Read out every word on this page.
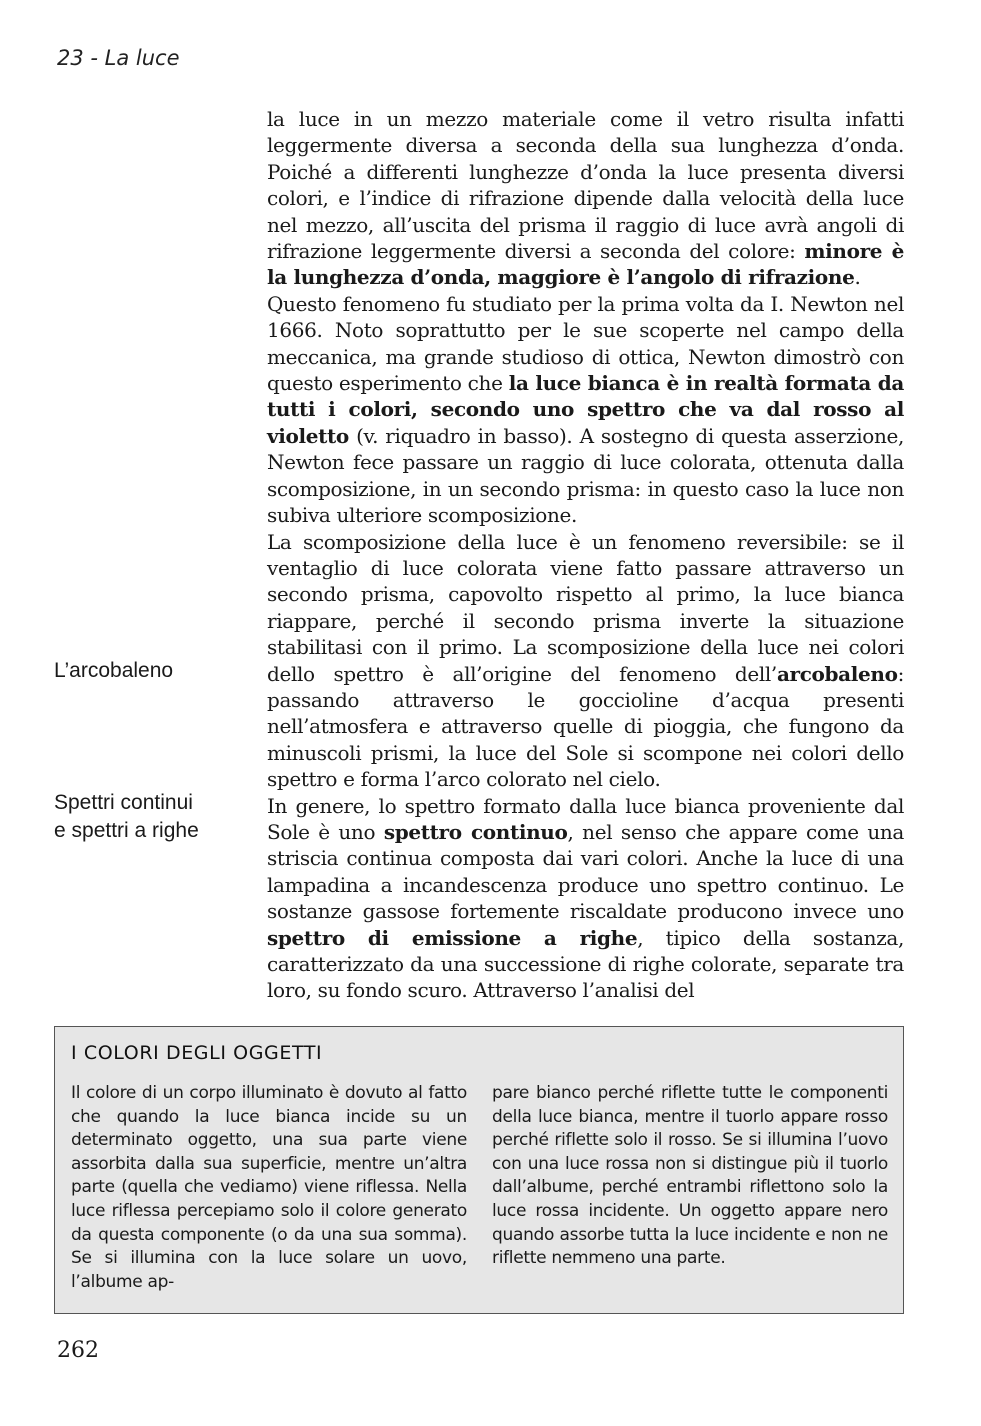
23 - La luce
L’arcobaleno
Spettri continui
e spettri a righe

la luce in un mezzo materiale come il vetro risulta infatti leggermente diversa a seconda della sua lunghezza d’onda. Poiché a differenti lunghezze d’onda la luce presenta diversi colori, e l’indice di rifrazione dipende dalla velocità della luce nel mezzo, all’uscita del prisma il raggio di luce avrà angoli di rifrazione leggermente diversi a seconda del colore: minore è la lunghezza d’onda, maggiore è l’angolo di rifrazione.

Questo fenomeno fu studiato per la prima volta da I. Newton nel 1666. Noto soprattutto per le sue scoperte nel campo della meccanica, ma grande studioso di ottica, Newton dimostrò con questo esperimento che la luce bianca è in realtà formata da tutti i colori, secondo uno spettro che va dal rosso al violetto (v. riquadro in basso). A sostegno di questa asserzione, Newton fece passare un raggio di luce colorata, ottenuta dalla scomposizione, in un secondo prisma: in questo caso la luce non subiva ulteriore scomposizione.

La scomposizione della luce è un fenomeno reversibile: se il ventaglio di luce colorata viene fatto passare attraverso un secondo prisma, capovolto rispetto al primo, la luce bianca riappare, perché il secondo prisma inverte la situazione stabilitasi con il primo. La scomposizione della luce nei colori dello spettro è all’origine del fenomeno dell’arcobaleno: passando attraverso le goccioline d’acqua presenti nell’atmosfera e attraverso quelle di pioggia, che fungono da minuscoli prismi, la luce del Sole si scompone nei colori dello spettro e forma l’arco colorato nel cielo.

In genere, lo spettro formato dalla luce bianca proveniente dal Sole è uno spettro continuo, nel senso che appare come una striscia continua composta dai vari colori. Anche la luce di una lampadina a incandescenza produce uno spettro continuo. Le sostanze gassose fortemente riscaldate producono invece uno spettro di emissione a righe, tipico della sostanza, caratterizzato da una successione di righe colorate, separate tra loro, su fondo scuro. Attraverso l’analisi del

I COLORI DEGLI OGGETTI
Il colore di un corpo illuminato è dovuto al fatto che quando la luce bianca incide su un determinato oggetto, una sua parte viene assorbita dalla sua superficie, mentre un’altra parte (quella che vediamo) viene riflessa. Nella luce riflessa percepiamo solo il colore generato da questa componente (o da una sua somma). Se si illumina con la luce solare un uovo, l’albume ap-
pare bianco perché riflette tutte le componenti della luce bianca, mentre il tuorlo appare rosso perché riflette solo il rosso. Se si illumina l’uovo con una luce rossa non si distingue più il tuorlo dall’albume, perché entrambi riflettono solo la luce rossa incidente. Un oggetto appare nero quando assorbe tutta la luce incidente e non ne riflette nemmeno una parte.
262
